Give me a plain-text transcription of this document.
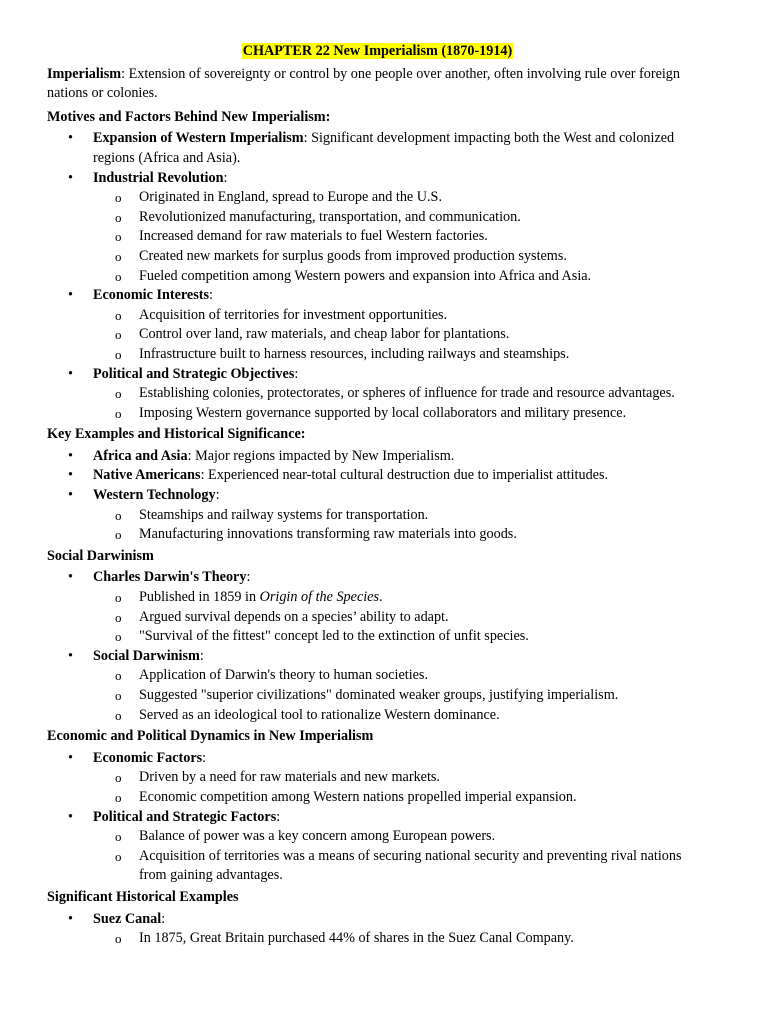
CHAPTER 22 New Imperialism (1870-1914)

Imperialism: Extension of sovereignty or control by one people over another, often involving rule over foreign nations or colonies.

Motives and Factors Behind New Imperialism:

• Expansion of Western Imperialism: Significant development impacting both the West and colonized regions (Africa and Asia).
• Industrial Revolution:
o Originated in England, spread to Europe and the U.S.
o Revolutionized manufacturing, transportation, and communication.
o Increased demand for raw materials to fuel Western factories.
o Created new markets for surplus goods from improved production systems.
o Fueled competition among Western powers and expansion into Africa and Asia.
• Economic Interests:
o Acquisition of territories for investment opportunities.
o Control over land, raw materials, and cheap labor for plantations.
o Infrastructure built to harness resources, including railways and steamships.
• Political and Strategic Objectives:
o Establishing colonies, protectorates, or spheres of influence for trade and resource advantages.
o Imposing Western governance supported by local collaborators and military presence.

Key Examples and Historical Significance:

• Africa and Asia: Major regions impacted by New Imperialism.
• Native Americans: Experienced near-total cultural destruction due to imperialist attitudes.
• Western Technology:
o Steamships and railway systems for transportation.
o Manufacturing innovations transforming raw materials into goods.

Social Darwinism

• Charles Darwin's Theory:
o Published in 1859 in Origin of the Species.
o Argued survival depends on a species’ ability to adapt.
o "Survival of the fittest" concept led to the extinction of unfit species.
• Social Darwinism:
o Application of Darwin's theory to human societies.
o Suggested "superior civilizations" dominated weaker groups, justifying imperialism.
o Served as an ideological tool to rationalize Western dominance.

Economic and Political Dynamics in New Imperialism

• Economic Factors:
o Driven by a need for raw materials and new markets.
o Economic competition among Western nations propelled imperial expansion.
• Political and Strategic Factors:
o Balance of power was a key concern among European powers.
o Acquisition of territories was a means of securing national security and preventing rival nations from gaining advantages.

Significant Historical Examples

• Suez Canal:
o In 1875, Great Britain purchased 44% of shares in the Suez Canal Company.
